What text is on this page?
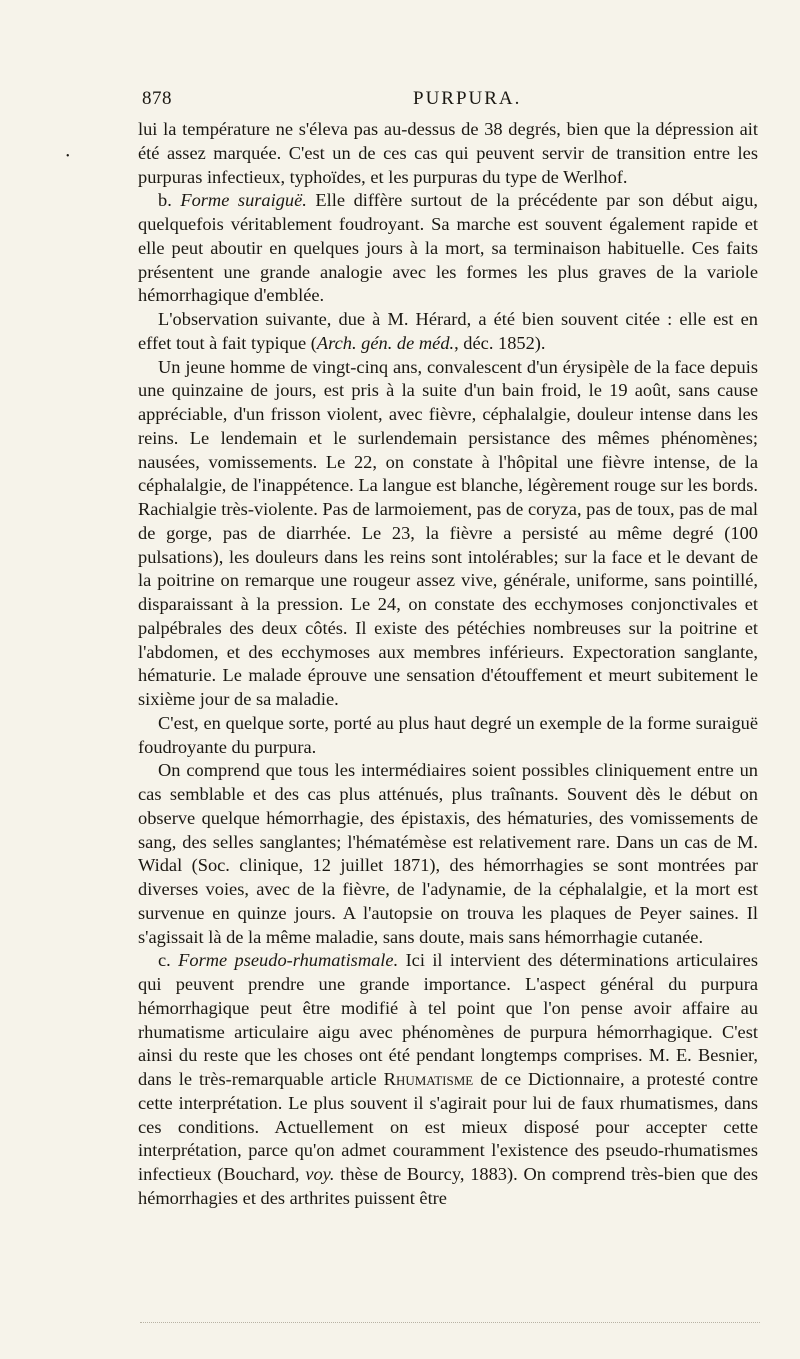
878	PURPURA.
•

lui la température ne s'éleva pas au-dessus de 38 degrés, bien que la dépression ait été assez marquée. C'est un de ces cas qui peuvent servir de transition entre les purpuras infectieux, typhoïdes, et les purpuras du type de Werlhof.

b. Forme suraiguë. Elle diffère surtout de la précédente par son début aigu, quelquefois véritablement foudroyant. Sa marche est souvent également rapide et elle peut aboutir en quelques jours à la mort, sa terminaison habituelle. Ces faits présentent une grande analogie avec les formes les plus graves de la variole hémorrhagique d'emblée.

L'observation suivante, due à M. Hérard, a été bien souvent citée : elle est en effet tout à fait typique (Arch. gén. de méd., déc. 1852).

Un jeune homme de vingt-cinq ans, convalescent d'un érysipèle de la face depuis une quinzaine de jours, est pris à la suite d'un bain froid, le 19 août, sans cause appréciable, d'un frisson violent, avec fièvre, céphalalgie, douleur intense dans les reins. Le lendemain et le surlendemain persistance des mêmes phénomènes; nausées, vomissements. Le 22, on constate à l'hôpital une fièvre intense, de la céphalalgie, de l'inappétence. La langue est blanche, légèrement rouge sur les bords. Rachialgie très-violente. Pas de larmoiement, pas de coryza, pas de toux, pas de mal de gorge, pas de diarrhée. Le 23, la fièvre a persisté au même degré (100 pulsations), les douleurs dans les reins sont intolérables; sur la face et le devant de la poitrine on remarque une rougeur assez vive, générale, uniforme, sans pointillé, disparaissant à la pression. Le 24, on constate des ecchymoses conjonctivales et palpébrales des deux côtés. Il existe des pétéchies nombreuses sur la poitrine et l'abdomen, et des ecchymoses aux membres inférieurs. Expectoration sanglante, hématurie. Le malade éprouve une sensation d'étouffement et meurt subitement le sixième jour de sa maladie.

C'est, en quelque sorte, porté au plus haut degré un exemple de la forme suraiguë foudroyante du purpura.

On comprend que tous les intermédiaires soient possibles cliniquement entre un cas semblable et des cas plus atténués, plus traînants. Souvent dès le début on observe quelque hémorrhagie, des épistaxis, des hématuries, des vomissements de sang, des selles sanglantes; l'hématémèse est relativement rare. Dans un cas de M. Widal (Soc. clinique, 12 juillet 1871), des hémorrhagies se sont montrées par diverses voies, avec de la fièvre, de l'adynamie, de la céphalalgie, et la mort est survenue en quinze jours. A l'autopsie on trouva les plaques de Peyer saines. Il s'agissait là de la même maladie, sans doute, mais sans hémorrhagie cutanée.

c. Forme pseudo-rhumatismale. Ici il intervient des déterminations articulaires qui peuvent prendre une grande importance. L'aspect général du purpura hémorrhagique peut être modifié à tel point que l'on pense avoir affaire au rhumatisme articulaire aigu avec phénomènes de purpura hémorrhagique. C'est ainsi du reste que les choses ont été pendant longtemps comprises. M. E. Besnier, dans le très-remarquable article Rhumatisme de ce Dictionnaire, a protesté contre cette interprétation. Le plus souvent il s'agirait pour lui de faux rhumatismes, dans ces conditions. Actuellement on est mieux disposé pour accepter cette interprétation, parce qu'on admet couramment l'existence des pseudo-rhumatismes infectieux (Bouchard, voy. thèse de Bourcy, 1883). On comprend très-bien que des hémorrhagies et des arthrites puissent être
